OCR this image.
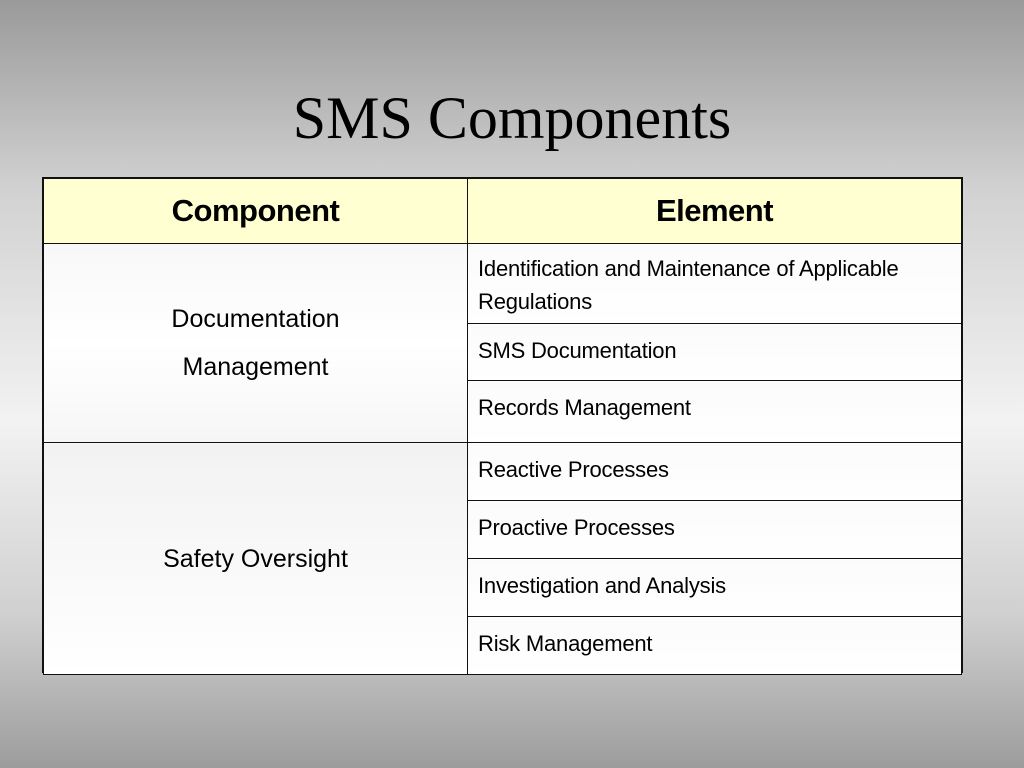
SMS Components
Component	Element

Documentation
Management	Identification and Maintenance of Applicable Regulations
	SMS Documentation
	Records Management

Safety Oversight	Reactive Processes
	Proactive Processes
	Investigation and Analysis
	Risk Management
